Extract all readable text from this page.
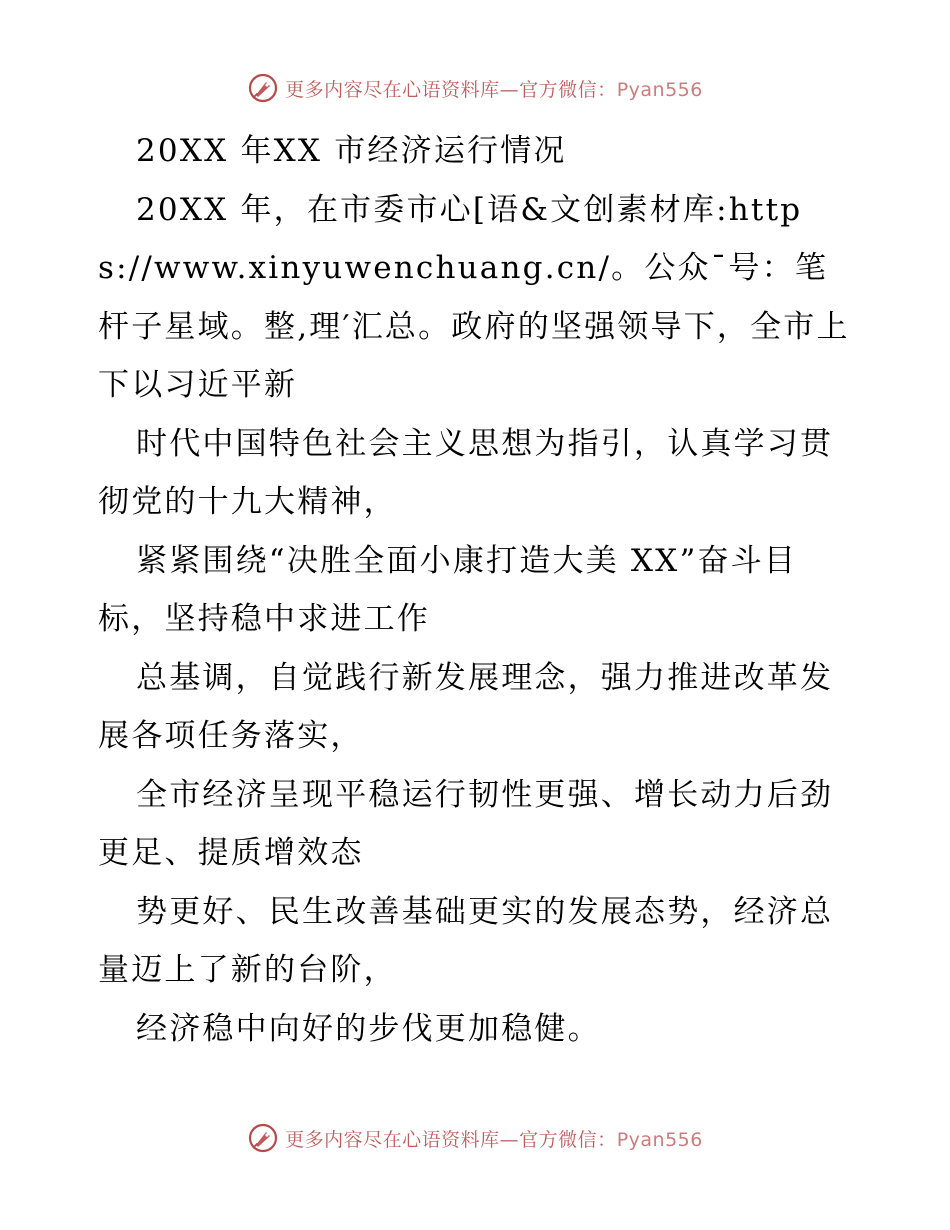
更多内容尽在心语资料库—官方微信：Pyan556

20XX 年XX 市经济运行情况

20XX 年，在市委市心[语&文创素材库:https://www.xinyuwenchuang.cn/。公众¯号：笔杆子星域。整,理′汇总。政府的坚强领导下，全市上下以习近平新

时代中国特色社会主义思想为指引，认真学习贯彻党的十九大精神，

紧紧围绕“决胜全面小康打造大美 XX”奋斗目标，坚持稳中求进工作

总基调，自觉践行新发展理念，强力推进改革发展各项任务落实，

全市经济呈现平稳运行韧性更强、增长动力后劲更足、提质增效态

势更好、民生改善基础更实的发展态势，经济总量迈上了新的台阶，

经济稳中向好的步伐更加稳健。

更多内容尽在心语资料库—官方微信：Pyan556
